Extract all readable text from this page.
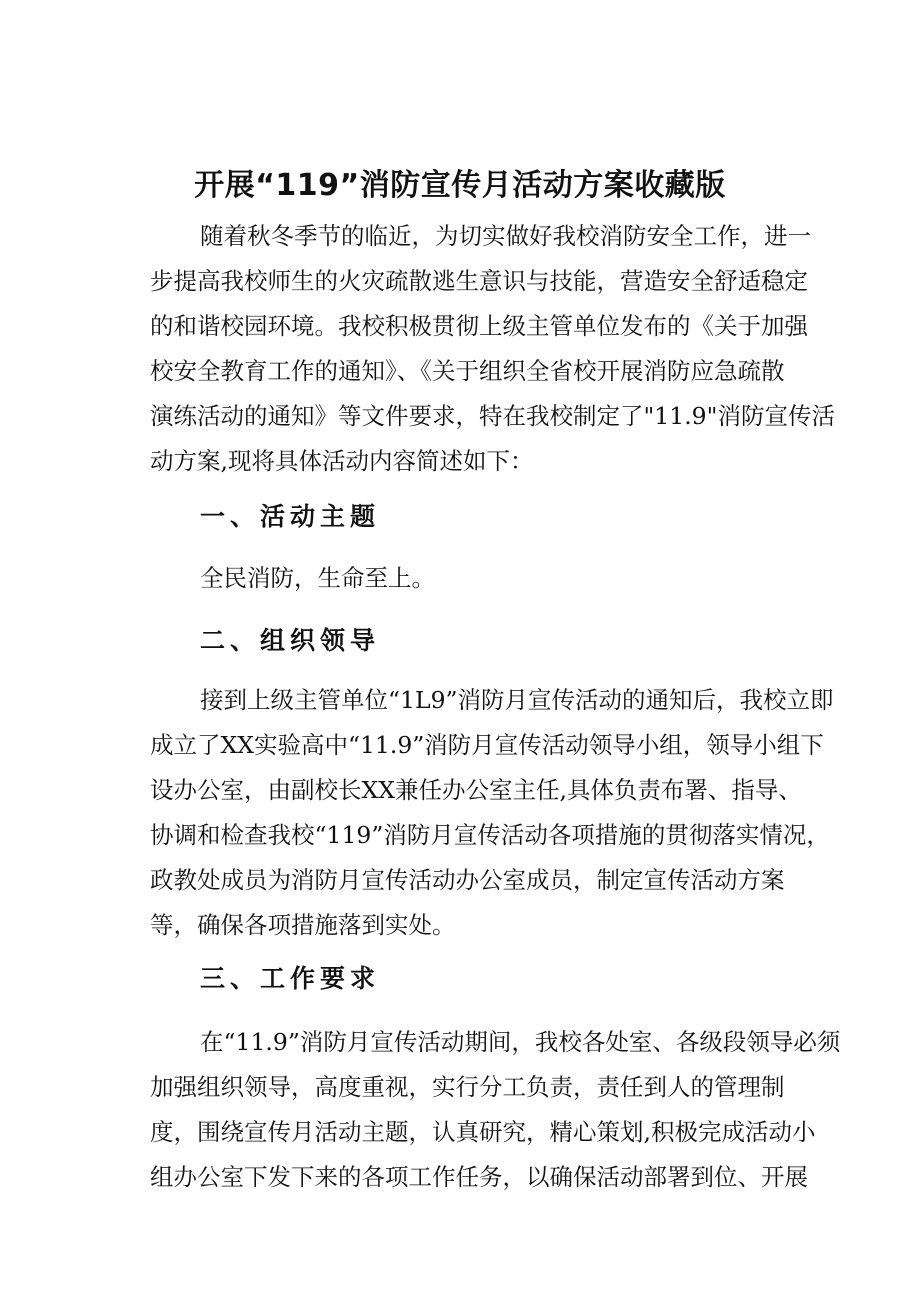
开展“119”消防宣传月活动方案收藏版

随着秋冬季节的临近，为切实做好我校消防安全工作，进一

步提高我校师生的火灾疏散逃生意识与技能，营造安全舒适稳定

的和谐校园环境。我校积极贯彻上级主管单位发布的《关于加强

校安全教育工作的通知》、《关于组织全省校开展消防应急疏散

演练活动的通知》等文件要求，特在我校制定了"11.9"消防宣传活

动方案,现将具体活动内容简述如下：

一、活动主题

全民消防，生命至上。

二、组织领导

接到上级主管单位“1L9”消防月宣传活动的通知后，我校立即

成立了XX实验高中“11.9”消防月宣传活动领导小组，领导小组下

设办公室，由副校长XX兼任办公室主任,具体负责布署、指导、

协调和检查我校“119”消防月宣传活动各项措施的贯彻落实情况，

政教处成员为消防月宣传活动办公室成员，制定宣传活动方案

等，确保各项措施落到实处。

三、工作要求

在“11.9”消防月宣传活动期间，我校各处室、各级段领导必须

加强组织领导，高度重视，实行分工负责，责任到人的管理制

度，围绕宣传月活动主题，认真研究，精心策划,积极完成活动小

组办公室下发下来的各项工作任务，以确保活动部署到位、开展
